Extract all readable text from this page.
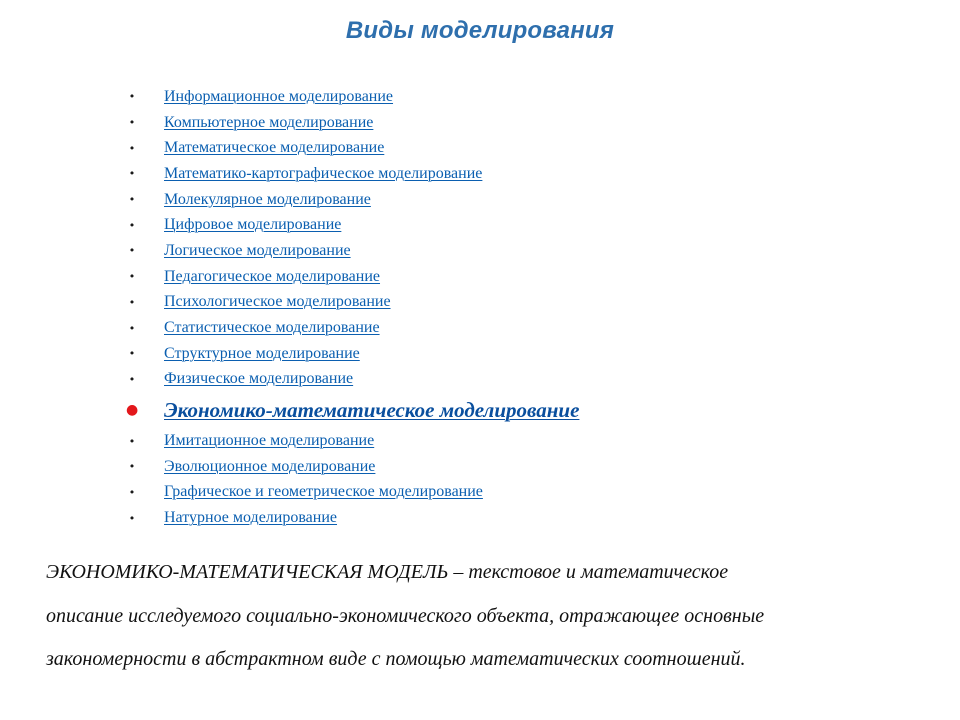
Виды моделирования
• Информационное моделирование
• Компьютерное моделирование
• Математическое моделирование
• Математико-картографическое моделирование
• Молекулярное моделирование
• Цифровое моделирование
• Логическое моделирование
• Педагогическое моделирование
• Психологическое моделирование
• Статистическое моделирование
• Структурное моделирование
• Физическое моделирование
● Экономико-математическое моделирование
• Имитационное моделирование
• Эволюционное моделирование
• Графическое и геометрическое моделирование
• Натурное моделирование

ЭКОНОМИКО-МАТЕМАТИЧЕСКАЯ МОДЕЛЬ – текстовое и математическое
описание исследуемого социально-экономического объекта, отражающее основные
закономерности в абстрактном виде с помощью математических соотношений.
